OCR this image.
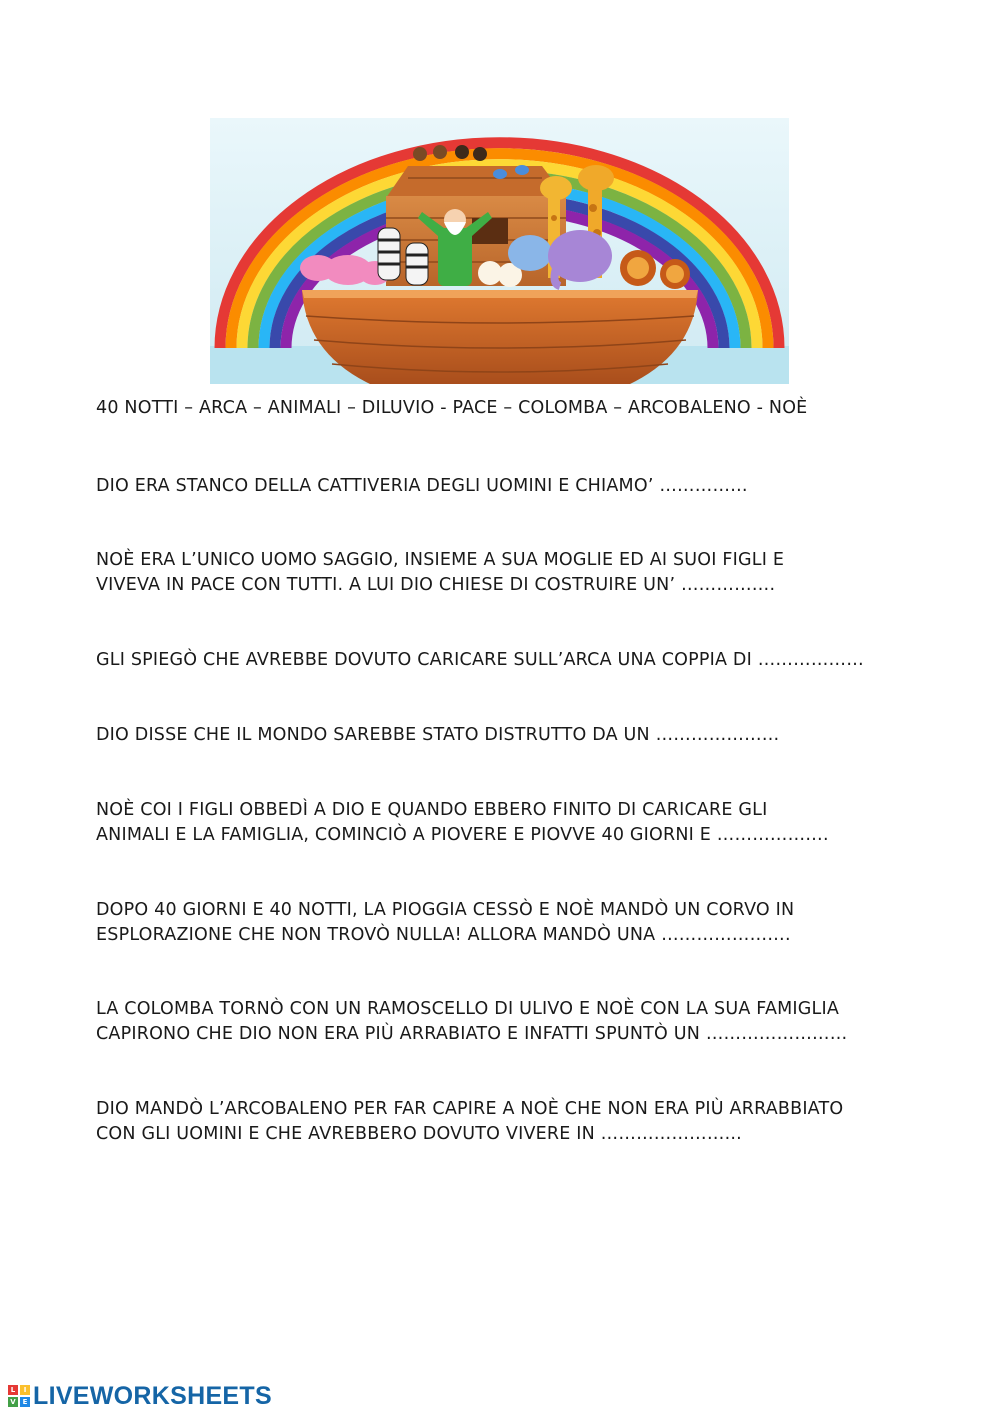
40 NOTTI – ARCA – ANIMALI – DILUVIO - PACE – COLOMBA – ARCOBALENO - NOÈ
DIO ERA STANCO DELLA CATTIVERIA DEGLI UOMINI E CHIAMO’ ……………
NOÈ ERA L’UNICO UOMO SAGGIO, INSIEME A SUA MOGLIE ED AI SUOI FIGLI E
VIVEVA IN PACE CON TUTTI. A LUI DIO CHIESE DI COSTRUIRE UN’ …………….
GLI SPIEGÒ CHE AVREBBE DOVUTO CARICARE SULL’ARCA UNA COPPIA DI ………………
DIO DISSE CHE IL MONDO SAREBBE STATO DISTRUTTO DA UN …………………
NOÈ COI I FIGLI OBBEDÌ A DIO E QUANDO EBBERO FINITO DI CARICARE GLI
ANIMALI E LA FAMIGLIA, COMINCIÒ A PIOVERE E PIOVVE 40 GIORNI E ……………….
DOPO 40 GIORNI E 40 NOTTI, LA PIOGGIA CESSÒ E NOÈ MANDÒ UN CORVO IN
ESPLORAZIONE CHE NON TROVÒ NULLA! ALLORA MANDÒ UNA ………………….
LA COLOMBA TORNÒ CON UN RAMOSCELLO DI ULIVO E NOÈ CON LA SUA FAMIGLIA
CAPIRONO CHE DIO NON ERA PIÙ ARRABIATO E INFATTI SPUNTÒ UN ……………………
DIO MANDÒ L’ARCOBALENO PER FAR CAPIRE A NOÈ CHE NON ERA PIÙ ARRABBIATO
CON GLI UOMINI E CHE AVREBBERO DOVUTO VIVERE IN …………………...
L	I
V E LIVEWORKSHEETS
